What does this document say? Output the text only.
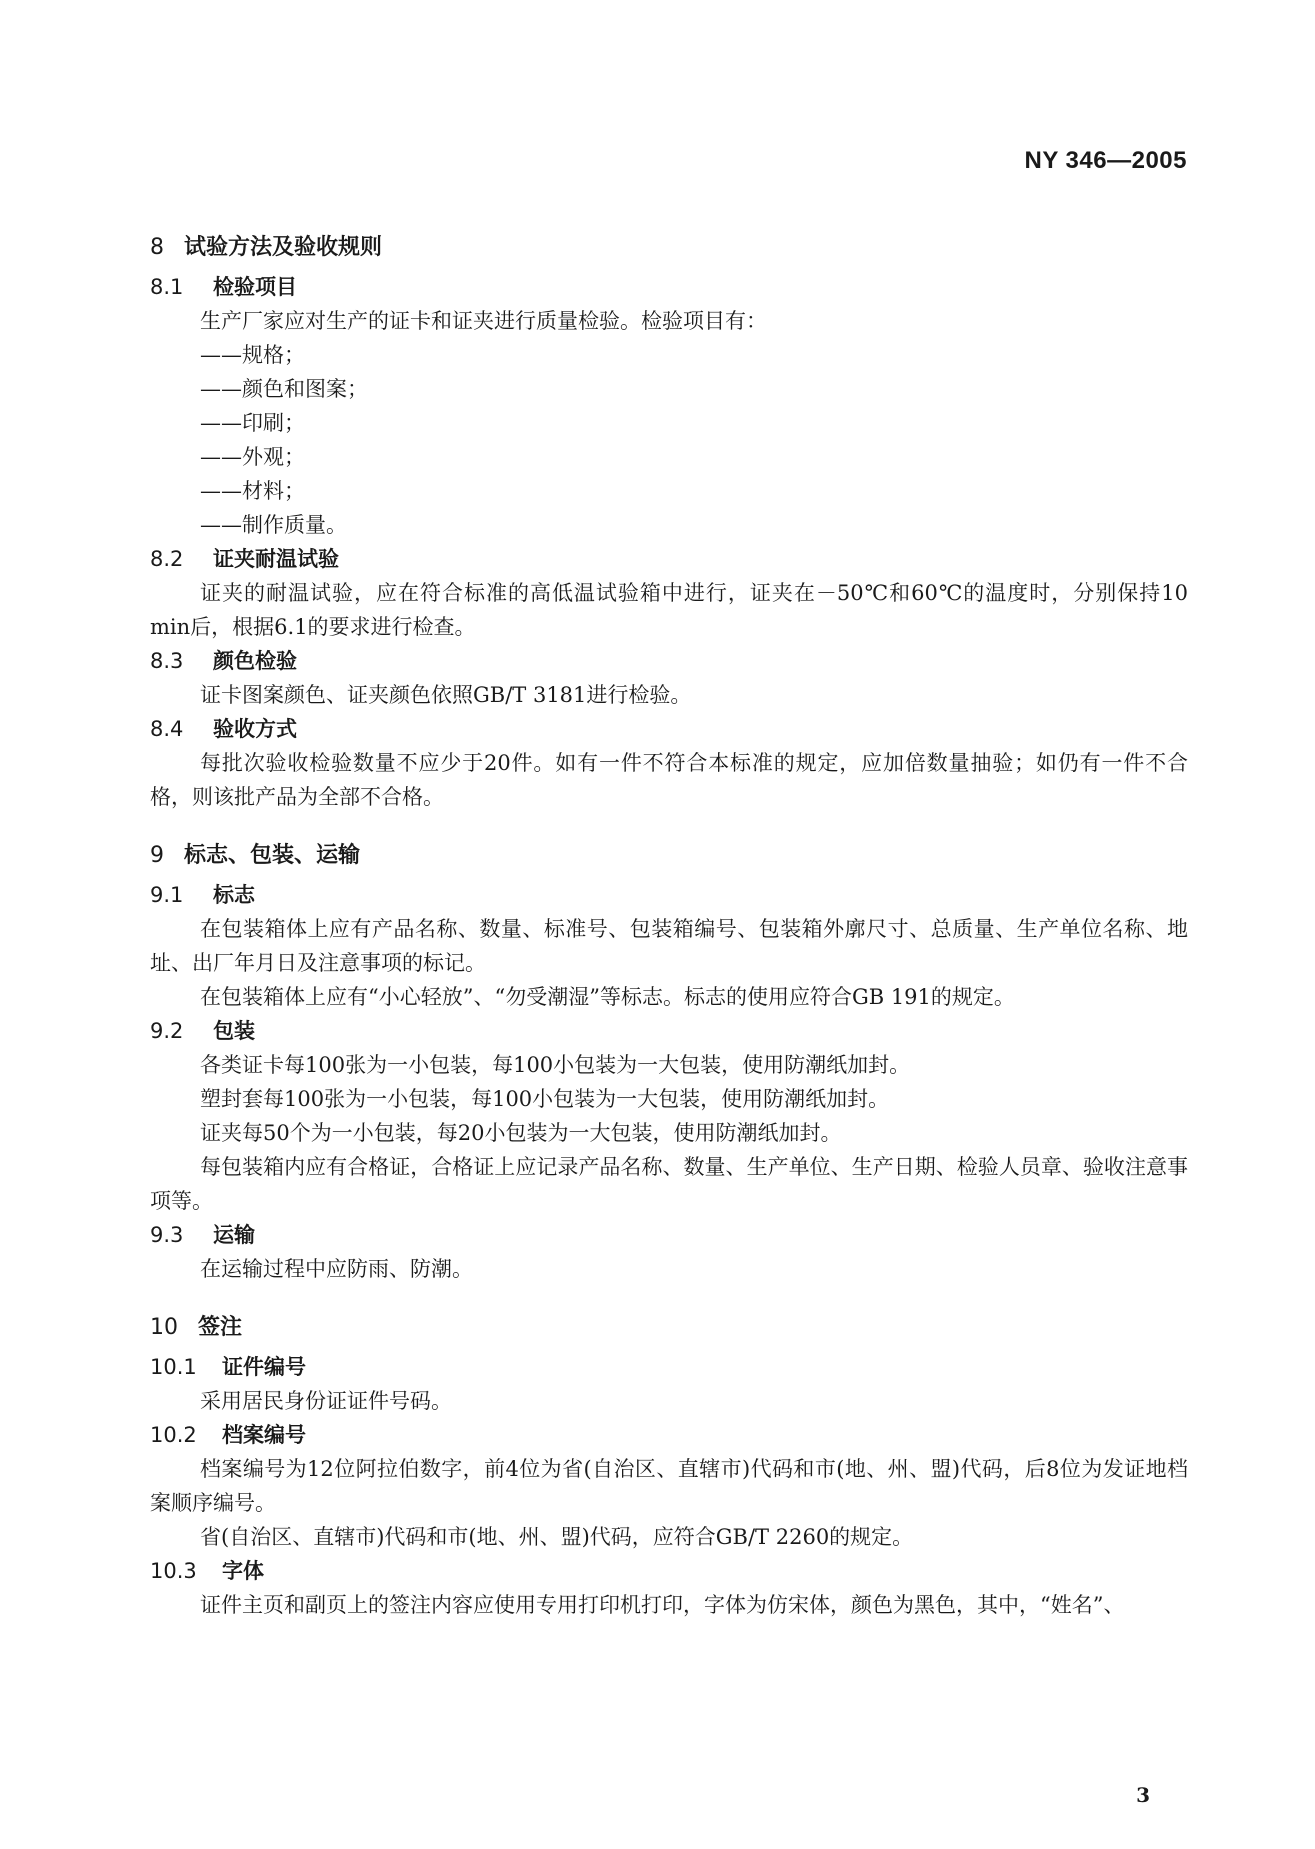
NY 346—2005
8 试验方法及验收规则
8.1 检验项目

生产厂家应对生产的证卡和证夹进行质量检验。检验项目有：

——规格；

——颜色和图案；

——印刷；

——外观；

——材料；

——制作质量。

8.2 证夹耐温试验

证夹的耐温试验，应在符合标准的高低温试验箱中进行，证夹在－50℃和60℃的温度时，分别保持10 min后，根据6.1的要求进行检查。

8.3 颜色检验

证卡图案颜色、证夹颜色依照GB/T 3181进行检验。

8.4 验收方式

每批次验收检验数量不应少于20件。如有一件不符合本标准的规定，应加倍数量抽验；如仍有一件不合格，则该批产品为全部不合格。

9 标志、包装、运输
9.1 标志

在包装箱体上应有产品名称、数量、标准号、包装箱编号、包装箱外廓尺寸、总质量、生产单位名称、地址、出厂年月日及注意事项的标记。

在包装箱体上应有“小心轻放”、“勿受潮湿”等标志。标志的使用应符合GB 191的规定。

9.2 包装

各类证卡每100张为一小包装，每100小包装为一大包装，使用防潮纸加封。

塑封套每100张为一小包装，每100小包装为一大包装，使用防潮纸加封。

证夹每50个为一小包装，每20小包装为一大包装，使用防潮纸加封。

每包装箱内应有合格证，合格证上应记录产品名称、数量、生产单位、生产日期、检验人员章、验收注意事项等。

9.3 运输

在运输过程中应防雨、防潮。

10 签注
10.1 证件编号

采用居民身份证证件号码。

10.2 档案编号

档案编号为12位阿拉伯数字，前4位为省(自治区、直辖市)代码和市(地、州、盟)代码，后8位为发证地档案顺序编号。

省(自治区、直辖市)代码和市(地、州、盟)代码，应符合GB/T 2260的规定。

10.3 字体

证件主页和副页上的签注内容应使用专用打印机打印，字体为仿宋体，颜色为黑色，其中，“姓名”、

3
